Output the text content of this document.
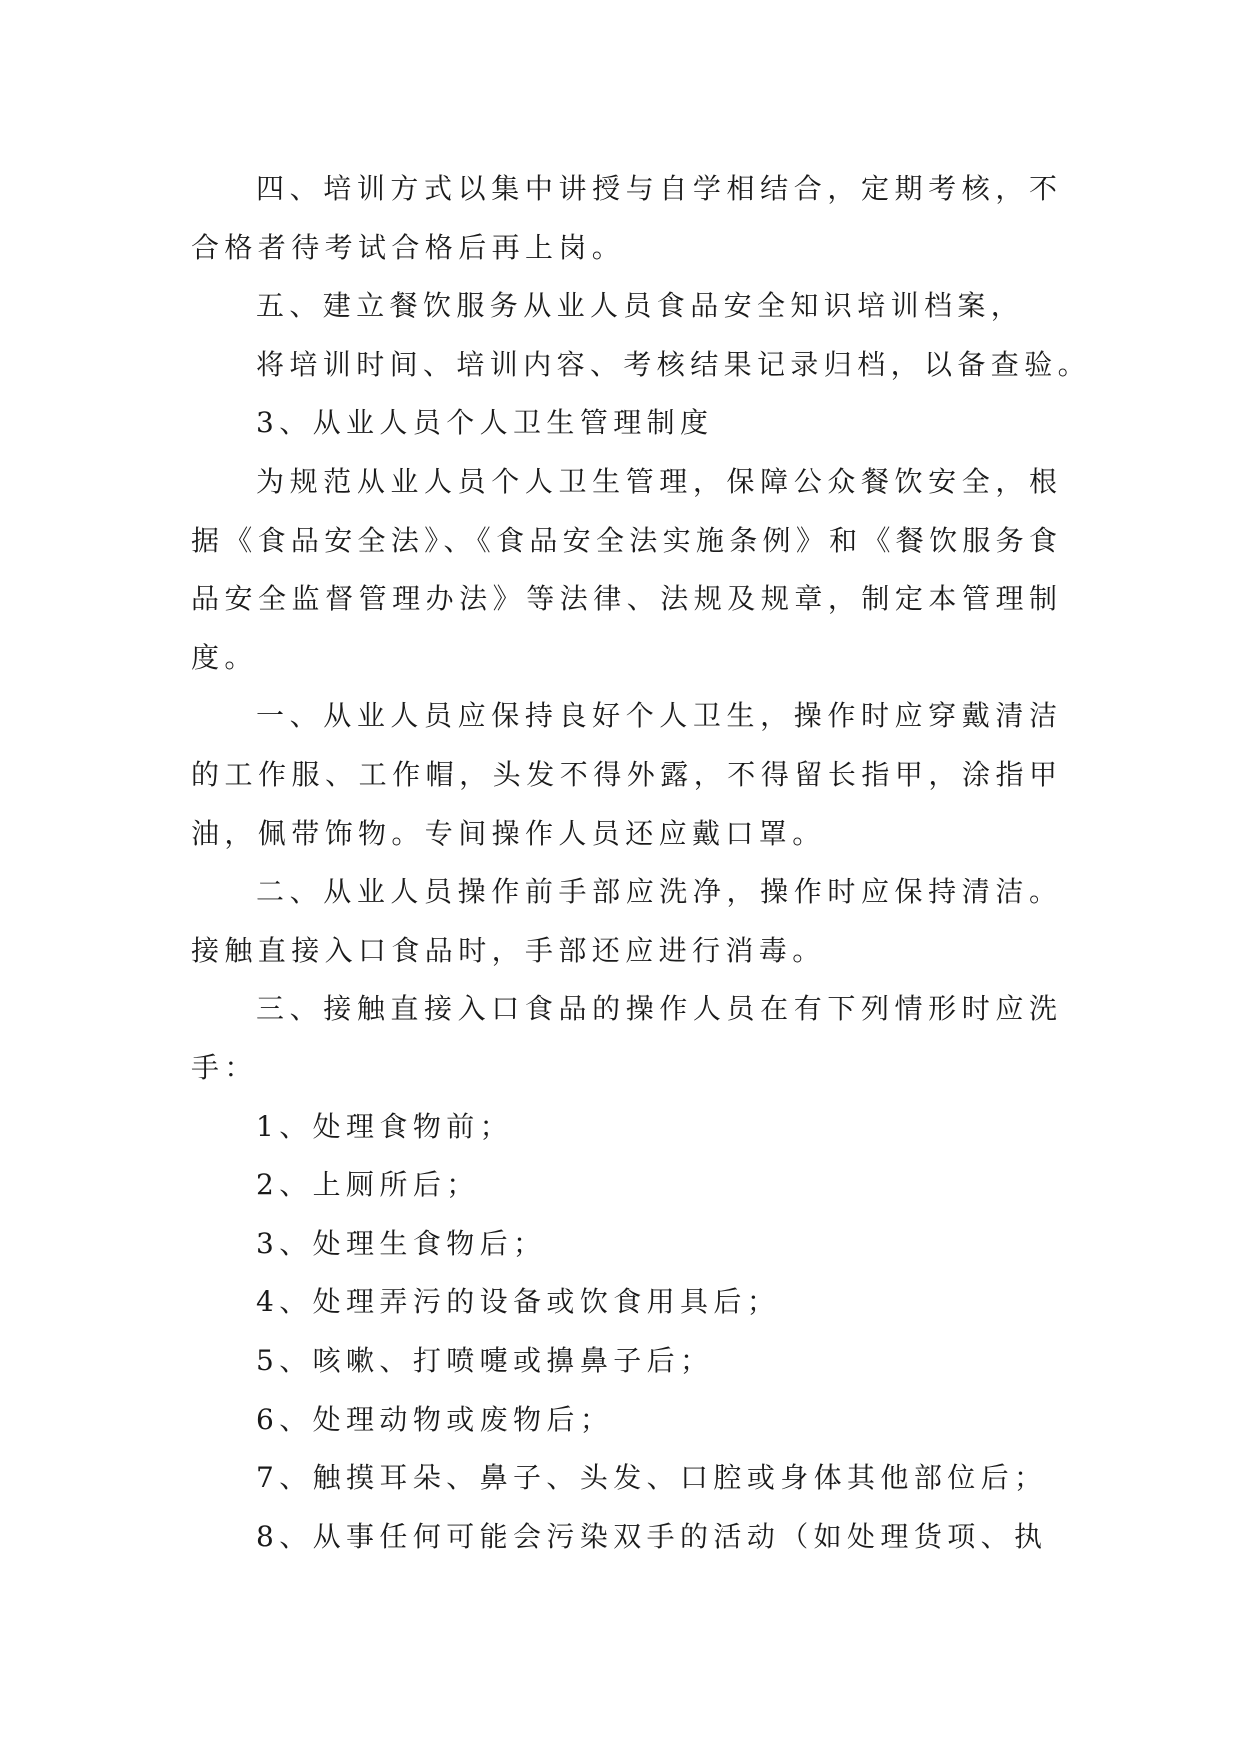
四、培训方式以集中讲授与自学相结合，定期考核，不
合格者待考试合格后再上岗。
五、建立餐饮服务从业人员食品安全知识培训档案，
将培训时间、培训内容、考核结果记录归档，以备查验。
3、从业人员个人卫生管理制度
为规范从业人员个人卫生管理，保障公众餐饮安全，根
据《食品安全法》、《食品安全法实施条例》和《餐饮服务食
品安全监督管理办法》等法律、法规及规章，制定本管理制
度。
一、从业人员应保持良好个人卫生，操作时应穿戴清洁
的工作服、工作帽，头发不得外露，不得留长指甲，涂指甲
油，佩带饰物。专间操作人员还应戴口罩。
二、从业人员操作前手部应洗净，操作时应保持清洁。
接触直接入口食品时，手部还应进行消毒。
三、接触直接入口食品的操作人员在有下列情形时应洗
手：
1、处理食物前；
2、上厕所后；
3、处理生食物后；
4、处理弄污的设备或饮食用具后；
5、咳嗽、打喷嚏或擤鼻子后；
6、处理动物或废物后；
7、触摸耳朵、鼻子、头发、口腔或身体其他部位后；
8、从事任何可能会污染双手的活动（如处理货项、执
